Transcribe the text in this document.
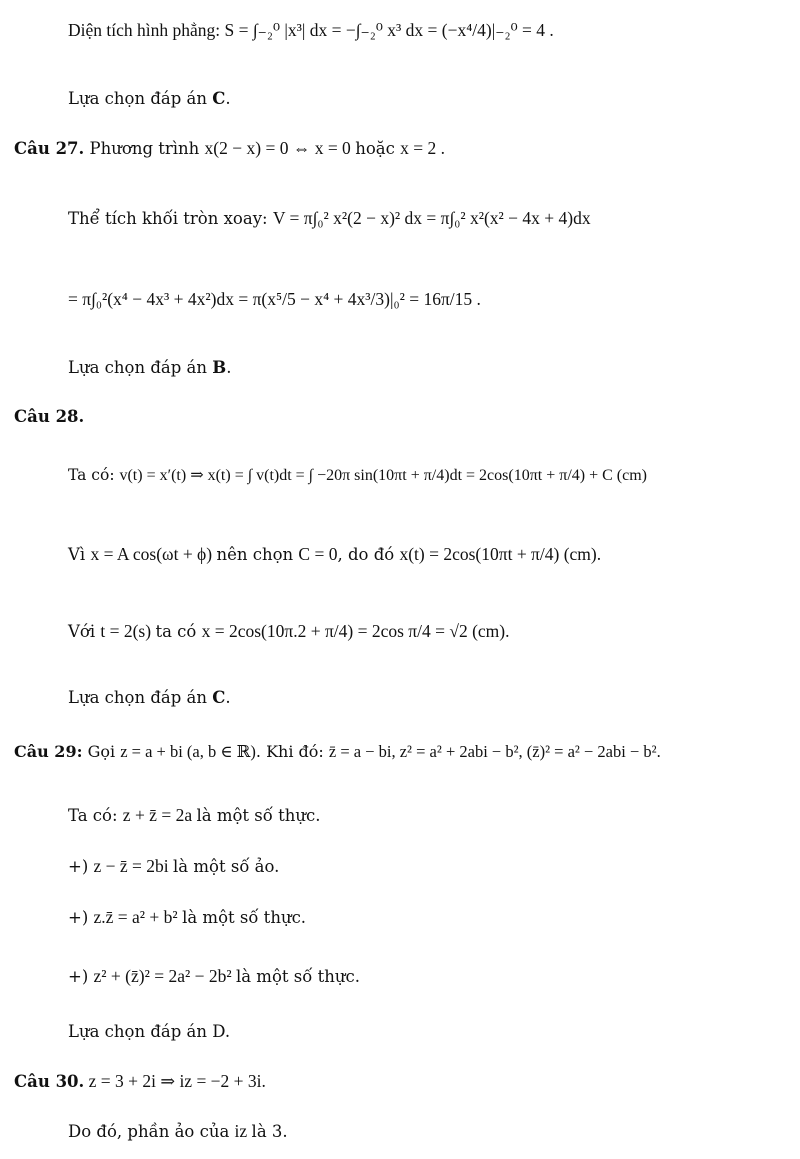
Diện tích hình phẳng: S = ∫₋₂⁰ |x³| dx = −∫₋₂⁰ x³ dx = (−x⁴/4)|₋₂⁰ = 4 .
Lựa chọn đáp án C.
Câu 27. Phương trình x(2 − x) = 0 ⇔ x = 0 hoặc x = 2 .
Thể tích khối tròn xoay: V = π∫₀² x²(2 − x)² dx = π∫₀² x²(x² − 4x + 4)dx
= π∫₀²(x⁴ − 4x³ + 4x²)dx = π(x⁵/5 − x⁴ + 4x³/3)|₀² = 16π/15 .
Lựa chọn đáp án B.
Câu 28.
Ta có: v(t) = x′(t) ⇒ x(t) = ∫ v(t)dt = ∫ −20π sin(10πt + π/4)dt = 2cos(10πt + π/4) + C (cm)
Vì x = A cos(ωt + ϕ) nên chọn C = 0, do đó x(t) = 2cos(10πt + π/4) (cm).
Với t = 2(s) ta có x = 2cos(10π.2 + π/4) = 2cos π/4 = √2 (cm).
Lựa chọn đáp án C.
Câu 29: Gọi z = a + bi (a, b ∈ ℝ). Khi đó: z̄ = a − bi, z² = a² + 2abi − b², (z̄)² = a² − 2abi − b².
Ta có: z + z̄ = 2a là một số thực.
+) z − z̄ = 2bi là một số ảo.
+) z.z̄ = a² + b² là một số thực.
+) z² + (z̄)² = 2a² − 2b² là một số thực.
Lựa chọn đáp án D.
Câu 30. z = 3 + 2i ⇒ iz = −2 + 3i.
Do đó, phần ảo của iz là 3.
